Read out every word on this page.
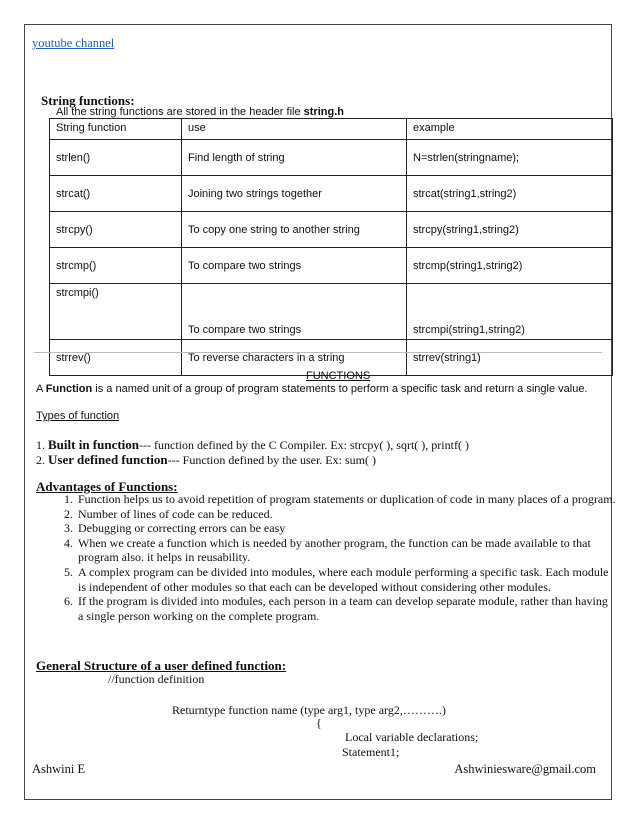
youtube channel
String functions:
All the string functions are stored in the header file string.h
String function	use	example
strlen()	Find length of string	N=strlen(stringname);
strcat()	Joining two strings together	strcat(string1,string2)
strcpy()	To copy one string to another string	strcpy(string1,string2)
strcmp()	To compare two strings	strcmp(string1,string2)
strcmpi()	To compare two strings	strcmpi(string1,string2)
strrev()	To reverse characters in a string	strrev(string1)
FUNCTIONS
A Function is a named unit of a group of program statements to perform a specific task and return a single value.
Types of function
1. Built in function--- function defined by the C Compiler. Ex: strcpy( ), sqrt( ), printf( )
2. User defined function--- Function defined by the user. Ex: sum( )
Advantages of Functions:
1. Function helps us to avoid repetition of program statements or duplication of code in many places of a program.
2. Number of lines of code can be reduced.
3. Debugging or correcting errors can be easy
4. When we create a function which is needed by another program, the function can be made available to that program also. it helps in reusability.
5. A complex program can be divided into modules, where each module performing a specific task. Each module is independent of other modules so that each can be developed without considering other modules.
6. If the program is divided into modules, each person in a team can develop separate module, rather than having a single person working on the complete program.
General Structure of a user defined function:
//function definition
Returntype function name (type arg1, type arg2,……….)
{
Local variable declarations;
Statement1;
Ashwini E	Ashwiniesware@gmail.com
